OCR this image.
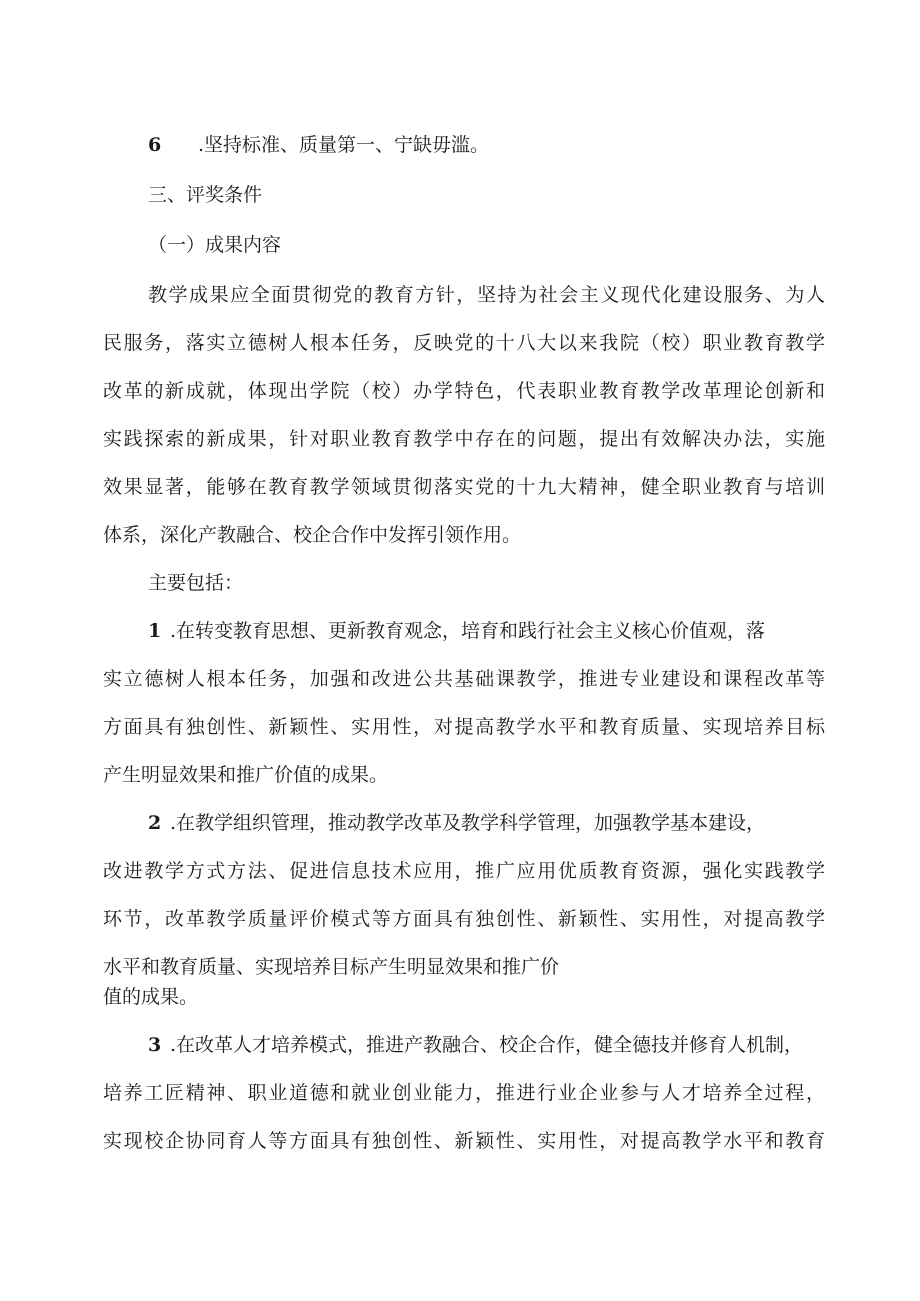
6 .坚持标准、质量第一、宁缺毋滥。
三、评奖条件
（一）成果内容
教学成果应全面贯彻党的教育方针，坚持为社会主义现代化建设服务、为人
民服务，落实立德树人根本任务，反映党的十八大以来我院（校）职业教育教学
改革的新成就，体现出学院（校）办学特色，代表职业教育教学改革理论创新和
实践探索的新成果，针对职业教育教学中存在的问题，提出有效解决办法，实施
效果显著，能够在教育教学领域贯彻落实党的十九大精神，健全职业教育与培训
体系，深化产教融合、校企合作中发挥引领作用。
主要包括：
1 .在转变教育思想、更新教育观念，培育和践行社会主义核心价值观，落
实立德树人根本任务，加强和改进公共基础课教学，推进专业建设和课程改革等
方面具有独创性、新颖性、实用性，对提高教学水平和教育质量、实现培养目标
产生明显效果和推广价值的成果。
2 .在教学组织管理，推动教学改革及教学科学管理，加强教学基本建设，
改进教学方式方法、促进信息技术应用，推广应用优质教育资源，强化实践教学
环节，改革教学质量评价模式等方面具有独创性、新颖性、实用性，对提高教学
水平和教育质量、实现培养目标产生明显效果和推广价
值的成果。
3 .在改革人才培养模式，推进产教融合、校企合作，健全德技并修育人机制，
培养工匠精神、职业道德和就业创业能力，推进行业企业参与人才培养全过程，
实现校企协同育人等方面具有独创性、新颖性、实用性，对提高教学水平和教育
